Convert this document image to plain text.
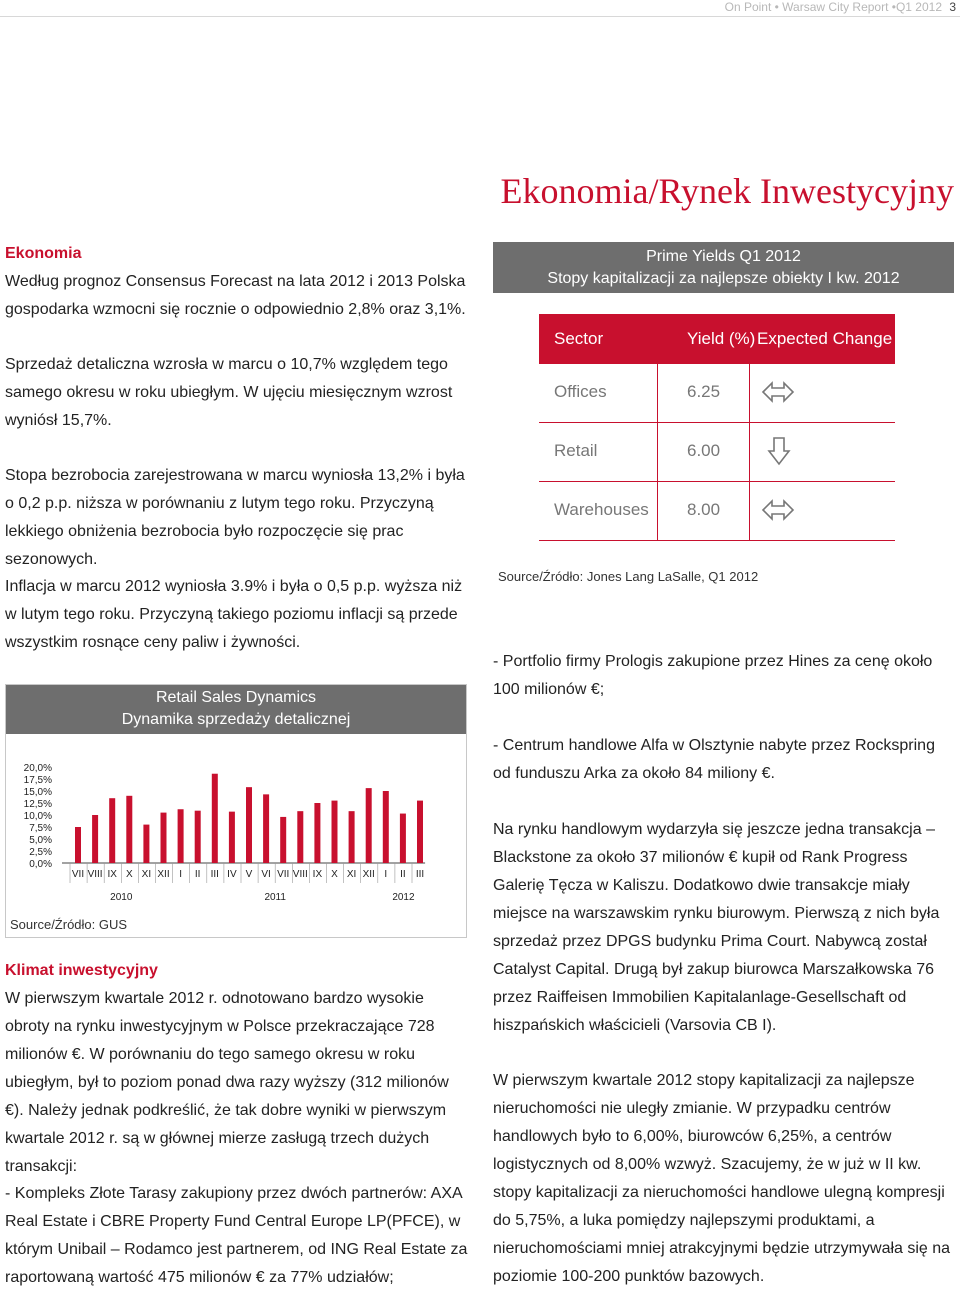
On Point • Warsaw City Report •Q1 2012 3
Ekonomia/Rynek Inwestycyjny
Ekonomia

Według prognoz Consensus Forecast na lata 2012 i 2013 Polska gospodarka wzmocni się rocznie o odpowiednio 2,8% oraz 3,1%.

Sprzedaż detaliczna wzrosła w marcu o 10,7% względem tego samego okresu w roku ubiegłym. W ujęciu miesięcznym wzrost wyniósł 15,7%.

Stopa bezrobocia zarejestrowana w marcu wyniosła 13,2% i była o 0,2 p.p. niższa w porównaniu z lutym tego roku. Przyczyną lekkiego obniżenia bezrobocia było rozpoczęcie się prac sezonowych.

Inflacja w marcu 2012 wyniosła 3.9% i była o 0,5 p.p. wyższa niż w lutym tego roku. Przyczyną takiego poziomu inflacji są przede wszystkim rosnące ceny paliw i żywności.

Retail Sales Dynamics
Dynamika sprzedaży detalicznej
20,0%
17,5%
15,0%
12,5%
10,0%
7,5%
5,0%
2,5%
0,0%
VII VIII IX X XI XII I II III IV V VI VII VIII IX X XI XII I II III
2010	2011	2012
Source/Źródło: GUS
Klimat inwestycyjny

W pierwszym kwartale 2012 r. odnotowano bardzo wysokie obroty na rynku inwestycyjnym w Polsce przekraczające 728 milionów €. W porównaniu do tego samego okresu w roku ubiegłym, był to poziom ponad dwa razy wyższy (312 milionów €). Należy jednak podkreślić, że tak dobre wyniki w pierwszym kwartale 2012 r. są w głównej mierze zasługą trzech dużych transakcji:

- Kompleks Złote Tarasy zakupiony przez dwóch partnerów: AXA Real Estate i CBRE Property Fund Central Europe LP(PFCE), w którym Unibail – Rodamco jest partnerem, od ING Real Estate za raportowaną wartość 475 milionów € za 77% udziałów;

Prime Yields Q1 2012
Stopy kapitalizacji za najlepsze obiekty I kw. 2012
Sector	Yield (%) Expected Change
Offices	6.25
Retail	6.00
Warehouses 8.00
Source/Źródło: Jones Lang LaSalle, Q1 2012

- Portfolio firmy Prologis zakupione przez Hines za cenę około 100 milionów €;

- Centrum handlowe Alfa w Olsztynie nabyte przez Rockspring od funduszu Arka za około 84 miliony €.

Na rynku handlowym wydarzyła się jeszcze jedna transakcja – Blackstone za około 37 milionów € kupił od Rank Progress Galerię Tęcza w Kaliszu. Dodatkowo dwie transakcje miały miejsce na warszawskim rynku biurowym. Pierwszą z nich była sprzedaż przez DPGS budynku Prima Court. Nabywcą został Catalyst Capital. Drugą był zakup biurowca Marszałkowska 76 przez Raiffeisen Immobilien Kapitalanlage-Gesellschaft od hiszpańskich właścicieli (Varsovia CB I).

W pierwszym kwartale 2012 stopy kapitalizacji za najlepsze nieruchomości nie uległy zmianie. W przypadku centrów handlowych było to 6,00%, biurowców 6,25%, a centrów logistycznych od 8,00% wzwyż. Szacujemy, że w już w II kw. stopy kapitalizacji za nieruchomości handlowe ulegną kompresji do 5,75%, a luka pomiędzy najlepszymi produktami, a nieruchomościami mniej atrakcyjnymi będzie utrzymywała się na poziomie 100-200 punktów bazowych.
